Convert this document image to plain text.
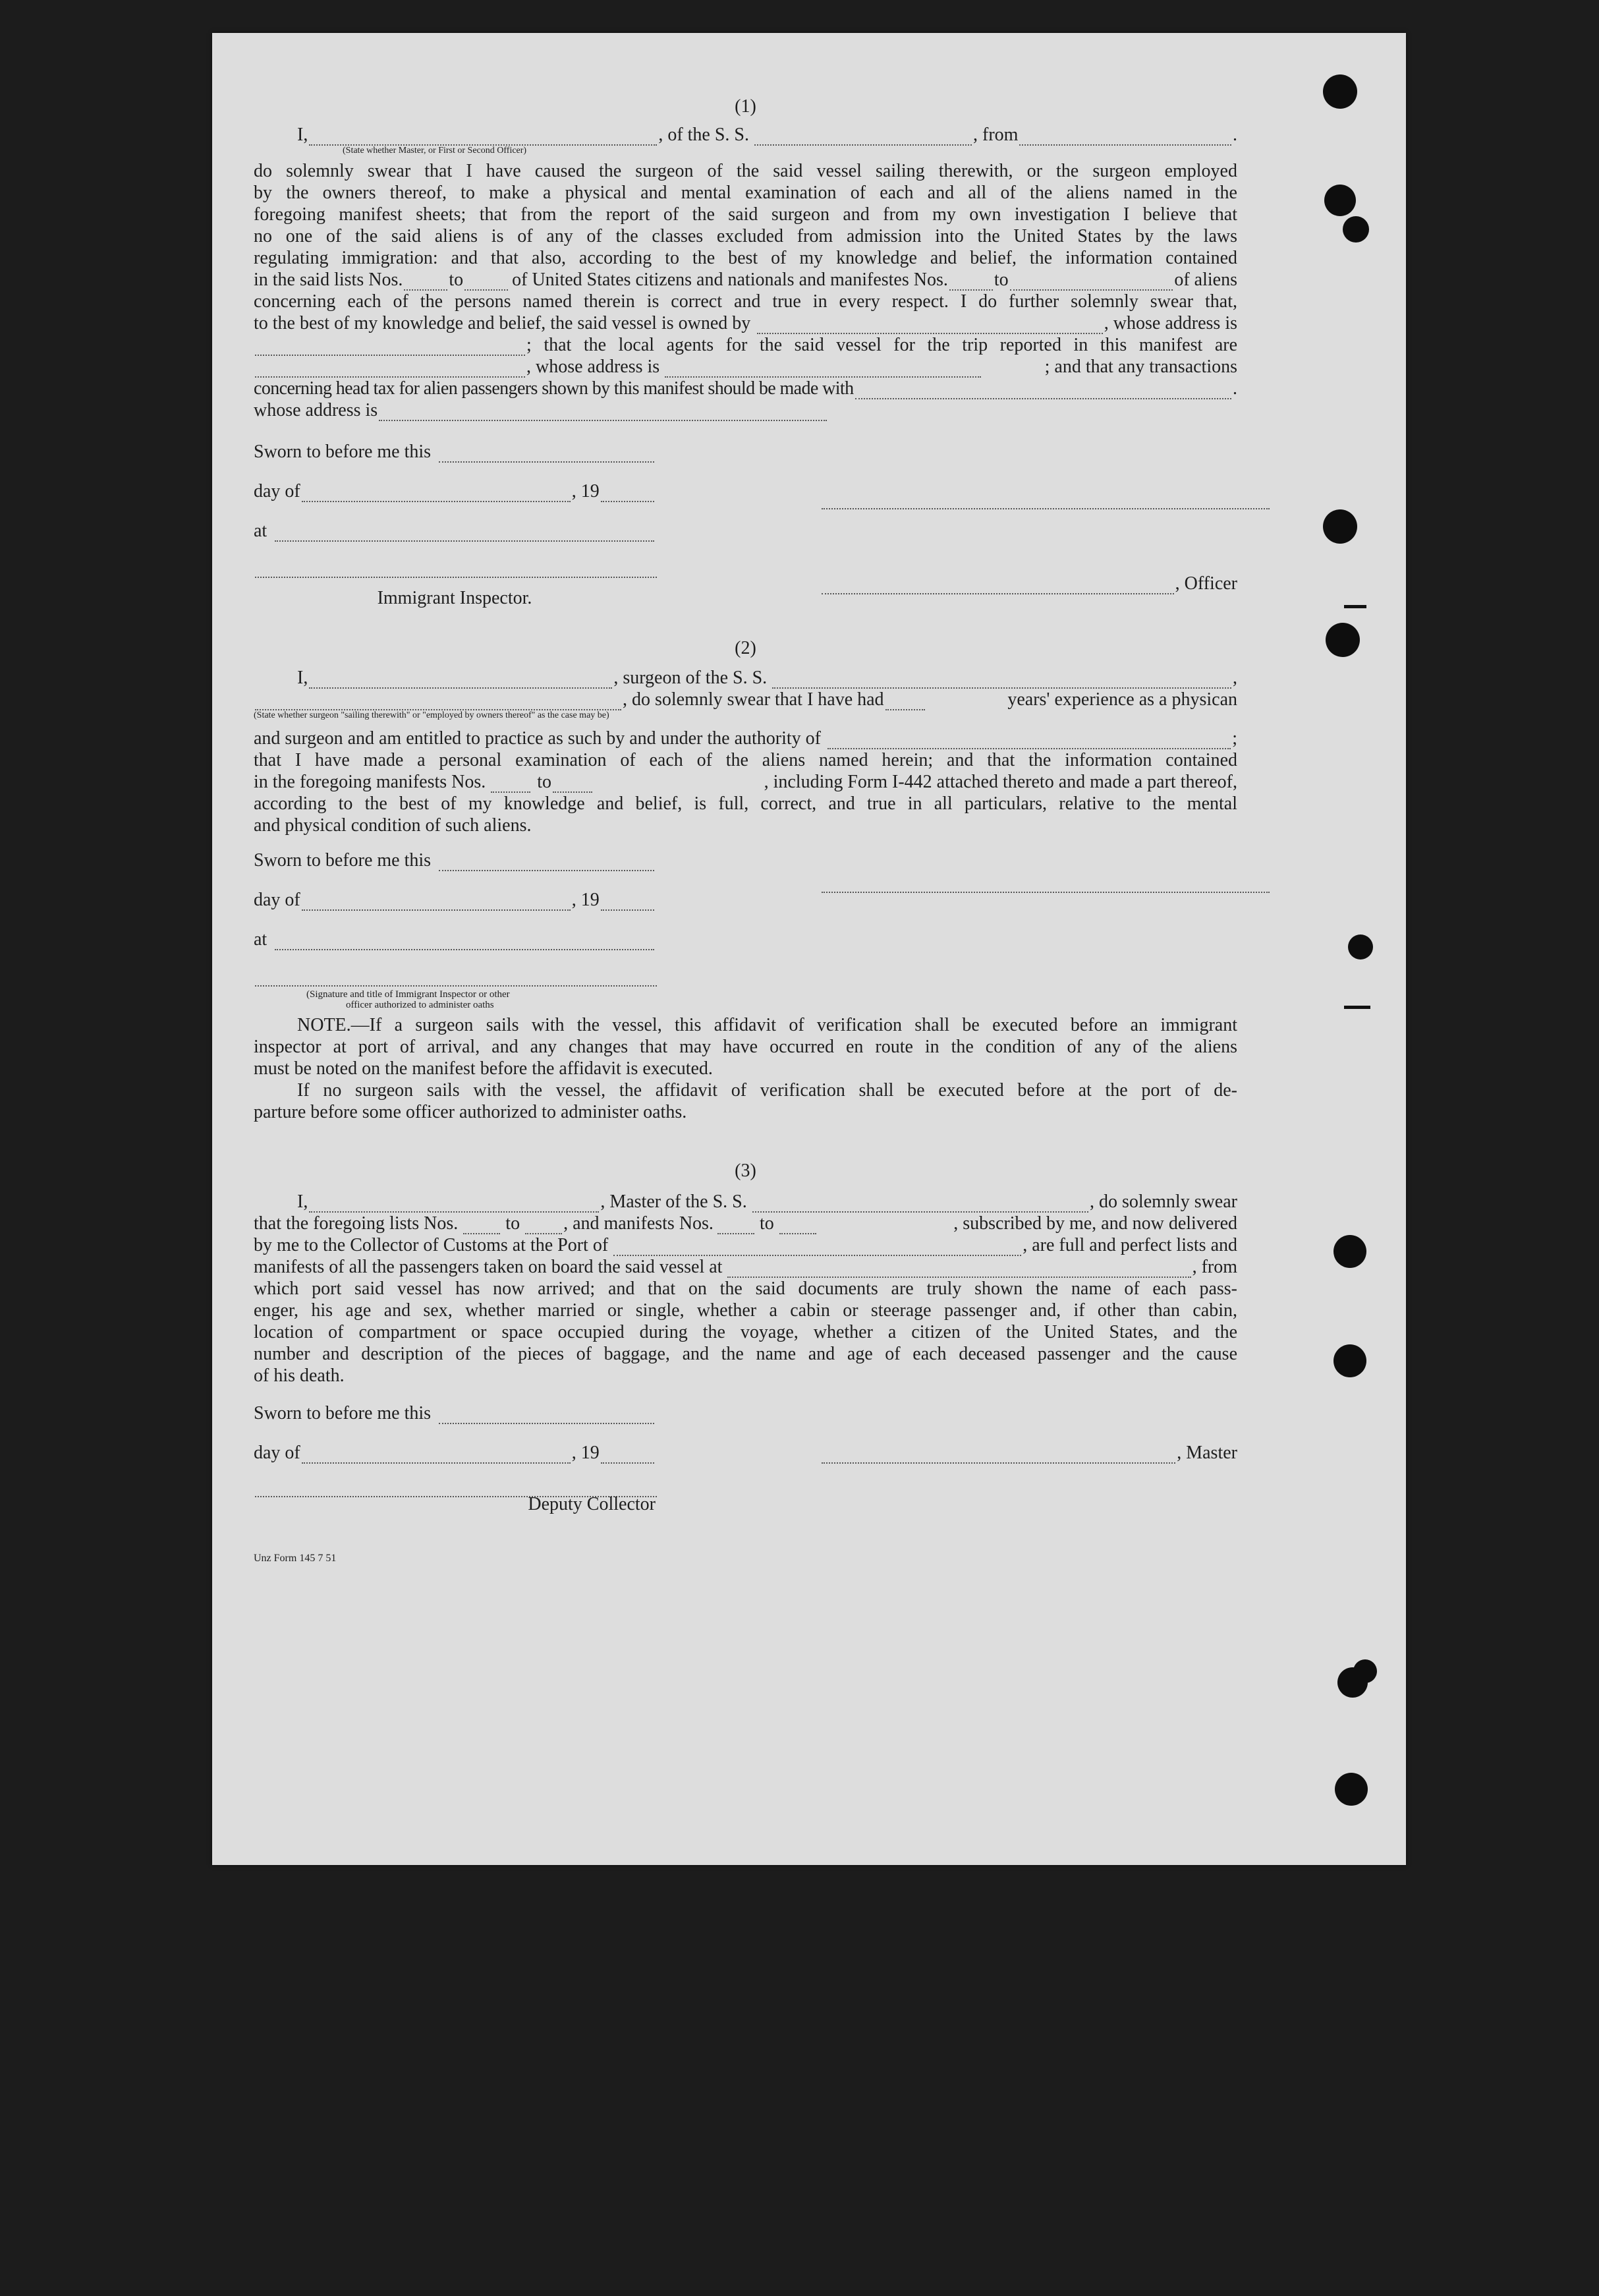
(1)

I,	, of the S. S.	, from	.

(State whether Master, or First or Second Officer)

do solemnly swear that I have caused the surgeon of the said vessel sailing therewith, or the surgeon employed

by the owners thereof, to make a physical and mental examination of each and all of the aliens named in the

foregoing manifest sheets; that from the report of the said surgeon and from my own investigation I believe that

no one of the said aliens is of any of the classes excluded from admission into the United States by the laws

regulating immigration: and that also, according to the best of my knowledge and belief, the information contained

in the said lists Nos.	to	of United States citizens and nationals and manifestes Nos.	to	of aliens

concerning each of the persons named therein is correct and true in every respect. I do further solemnly swear that,

to the best of my knowledge and belief, the said vessel is owned by	, whose address is
; that the local agents for the said vessel for the trip reported in this manifest are
, whose address is	; and that any transactions
concerning head tax for alien passengers shown by this manifest should be made with	.
whose address is
Sworn to before me this
day of	, 19
at
, Officer
Immigrant Inspector.

(2)

I,	, surgeon of the S. S.	,
, do solemnly swear that I have had	years' experience as a physican

(State whether surgeon "sailing therewith" or "employed by owners thereof" as the case may be)

and surgeon and am entitled to practice as such by and under the authority of	;

that I have made a personal examination of each of the aliens named herein; and that the information contained

in the foregoing manifests Nos.	to	, including Form I-442 attached thereto and made a part thereof,

according to the best of my knowledge and belief, is full, correct, and true in all particulars, relative to the mental

and physical condition of such aliens.

Sworn to before me this
day of	, 19
at
(Signature and title of Immigrant Inspector or other
officer authorized to administer oaths

NOTE.—If a surgeon sails with the vessel, this affidavit of verification shall be executed before an immigrant

inspector at port of arrival, and any changes that may have occurred en route in the condition of any of the aliens

must be noted on the manifest before the affidavit is executed.

If no surgeon sails with the vessel, the affidavit of verification shall be executed before at the port of de-

parture before some officer authorized to administer oaths.

(3)

I,	, Master of the S. S.	, do solemnly swear
that the foregoing lists Nos.	to , and manifests Nos.	to	, subscribed by me, and now delivered
by me to the Collector of Customs at the Port of	, are full and perfect lists and
manifests of all the passengers taken on board the said vessel at	, from

which port said vessel has now arrived; and that on the said documents are truly shown the name of each pass-

enger, his age and sex, whether married or single, whether a cabin or steerage passenger and, if other than cabin,

location of compartment or space occupied during the voyage, whether a citizen of the United States, and the

number and description of the pieces of baggage, and the name and age of each deceased passenger and the cause

of his death.

Sworn to before me this
day of	, 19	, Master
Deputy Collector
Unz Form 145 7 51
